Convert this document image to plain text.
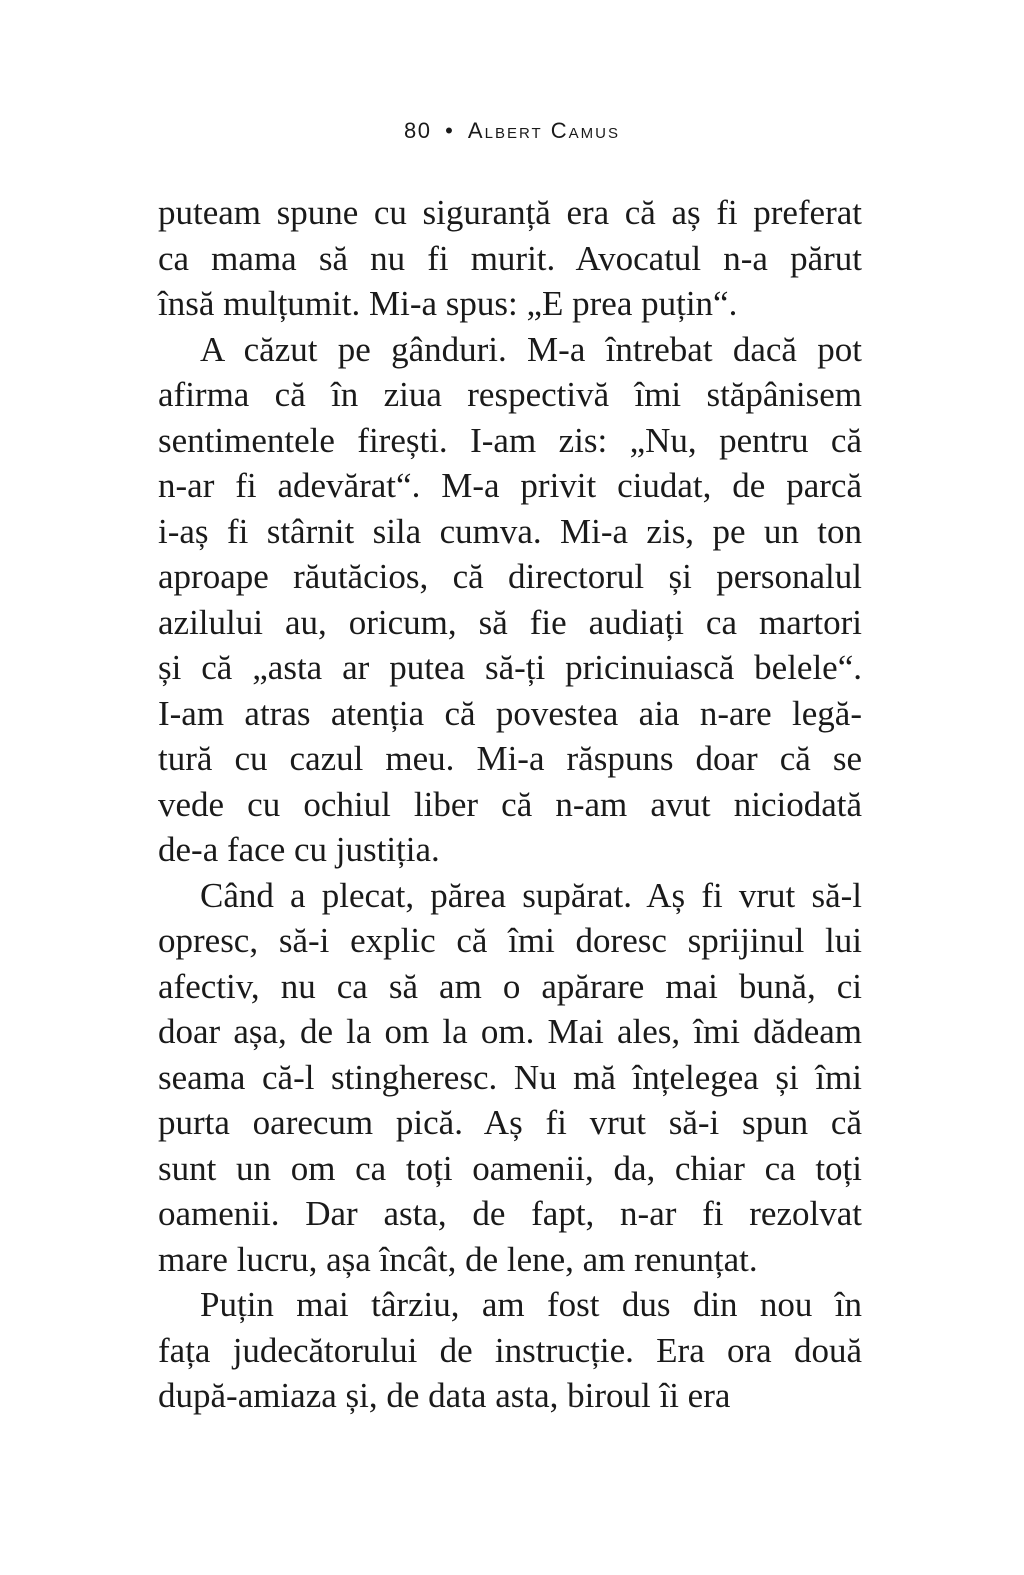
80 • Albert Camus
puteam spune cu siguranță era că aș fi preferat
ca mama să nu fi murit. Avocatul n-a părut
însă mulțumit. Mi-a spus: „E prea puțin“.
A căzut pe gânduri. M-a întrebat dacă pot
afirma că în ziua respectivă îmi stăpânisem
sentimentele firești. I-am zis: „Nu, pentru că
n-ar fi adevărat“. M-a privit ciudat, de parcă
i-aș fi stârnit sila cumva. Mi-a zis, pe un ton
aproape răutăcios, că directorul și personalul
azilului au, oricum, să fie audiați ca martori
și că „asta ar putea să-ți pricinuiască belele“.
I-am atras atenția că povestea aia n-are legă-
tură cu cazul meu. Mi-a răspuns doar că se
vede cu ochiul liber că n-am avut niciodată
de-a face cu justiția.
Când a plecat, părea supărat. Aș fi vrut să-l
opresc, să-i explic că îmi doresc sprijinul lui
afectiv, nu ca să am o apărare mai bună, ci
doar așa, de la om la om. Mai ales, îmi dădeam
seama că-l stingheresc. Nu mă înțelegea și îmi
purta oarecum pică. Aș fi vrut să-i spun că
sunt un om ca toți oamenii, da, chiar ca toți
oamenii. Dar asta, de fapt, n-ar fi rezolvat
mare lucru, așa încât, de lene, am renunțat.
Puțin mai târziu, am fost dus din nou în
fața judecătorului de instrucție. Era ora două
după-amiaza și, de data asta, biroul îi era
